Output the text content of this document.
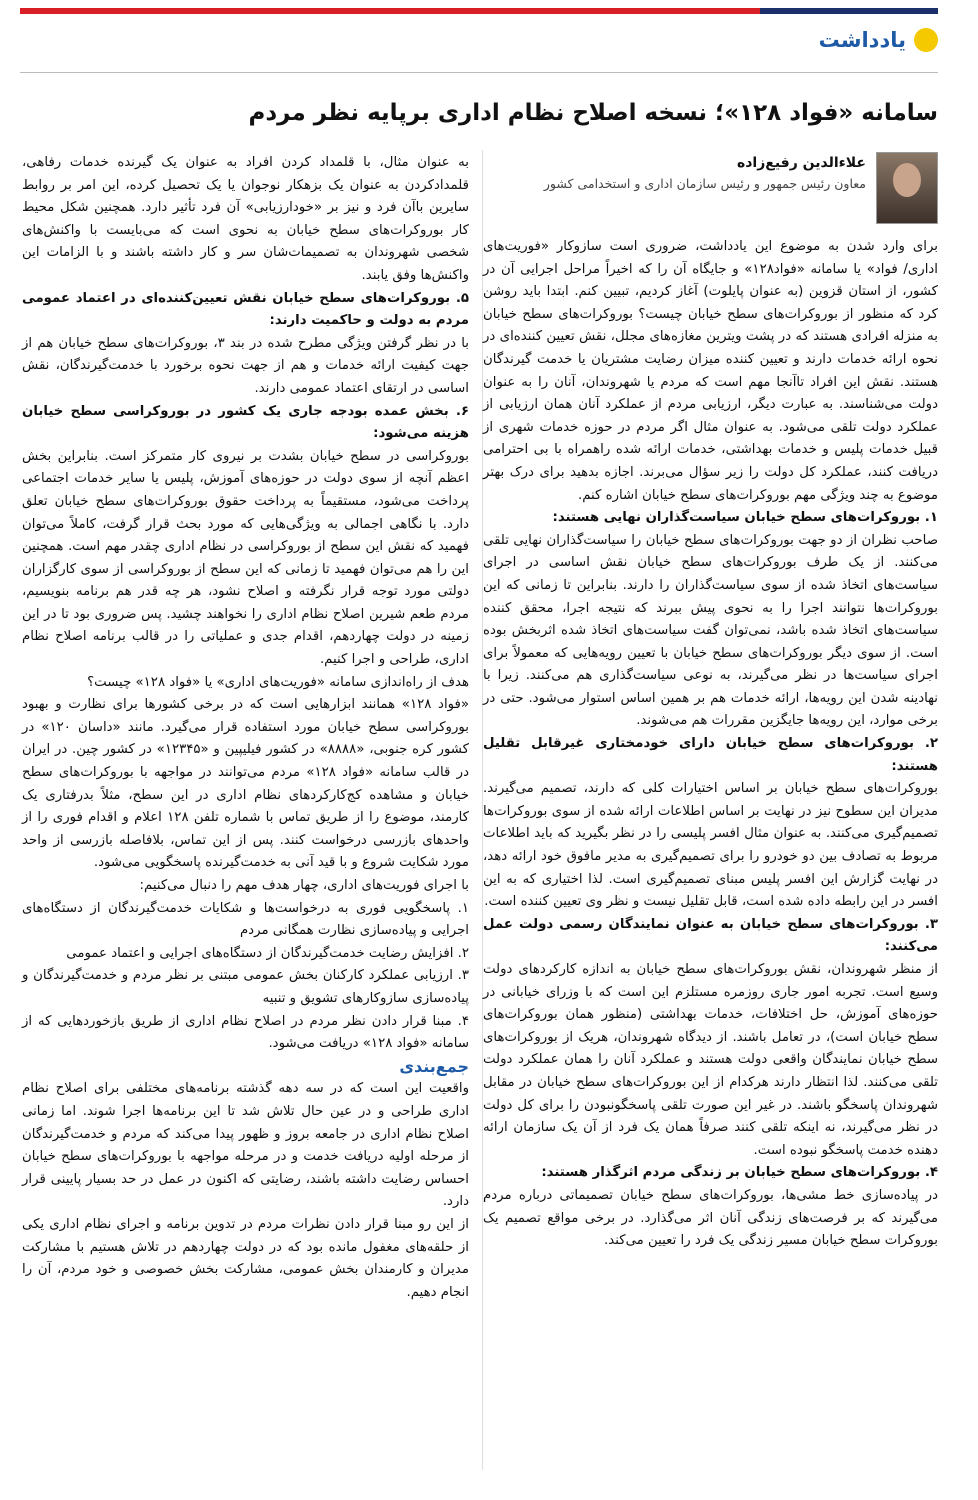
یادداشت
سامانه «فواد ۱۲۸»؛ نسخه اصلاح نظام اداری برپایه نظر مردم
علاءالدین رفیع‌زاده
معاون رئیس جمهور و رئیس سازمان اداری و استخدامی کشور

برای وارد شدن به موضوع این یادداشت، ضروری است سازوکار «فوریت‌های اداری/ فواد» یا سامانه «فواد۱۲۸» و جایگاه آن را که اخیراً مراحل اجرایی آن در کشور، از استان قزوین (به عنوان پایلوت) آغاز کردیم، تبیین کنم. ابتدا باید روشن کرد که منظور از بوروکرات‌های سطح خیابان چیست؟ بوروکرات‌های سطح خیابان به منزله افرادی هستند که در پشت ویترین مغازه‌های مجلل، نقش تعیین کننده‌ای در نحوه ارائه خدمات دارند و تعیین کننده میزان رضایت مشتریان یا خدمت گیرندگان هستند. نقش این افراد تاآنجا مهم است که مردم یا شهروندان، آنان را به عنوان دولت می‌شناسند. به عبارت دیگر، ارزیابی مردم از عملکرد آنان همان ارزیابی از عملکرد دولت تلقی می‌شود. به عنوان مثال اگر مردم در حوزه خدمات شهری از قبیل خدمات پلیس و خدمات بهداشتی، خدمات ارائه شده راهمراه با بی احترامی دریافت کنند، عملکرد کل دولت را زیر سؤال می‌برند. اجازه بدهید برای درک بهتر موضوع به چند ویژگی مهم بوروکرات‌های سطح خیابان اشاره کنم.

۱. بوروکرات‌های سطح خیابان سیاست‌گذاران نهایی هستند:

صاحب نظران از دو جهت بوروکرات‌های سطح خیابان را سیاست‌گذاران نهایی تلقی می‌کنند. از یک طرف بوروکرات‌های سطح خیابان نقش اساسی در اجرای سیاست‌های اتخاذ شده از سوی سیاست‌گذاران را دارند. بنابراین تا زمانی که این بوروکرات‌ها نتوانند اجرا را به نحوی پیش ببرند که نتیجه اجرا، محقق کننده سیاست‌های اتخاذ شده باشد، نمی‌توان گفت سیاست‌های اتخاذ شده اثربخش بوده است. از سوی دیگر بوروکرات‌های سطح خیابان با تعیین رویه‌هایی که معمولاً برای اجرای سیاست‌ها در نظر می‌گیرند، به نوعی سیاست‌گذاری هم می‌کنند. زیرا با نهادینه شدن این رویه‌ها، ارائه خدمات هم بر همین اساس استوار می‌شود. حتی در برخی موارد، این رویه‌ها جایگزین مقررات هم می‌شوند.

۲. بوروکرات‌های سطح خیابان دارای خودمختاری غیرقابل تقلیل هستند:

بوروکرات‌های سطح خیابان بر اساس اختیارات کلی که دارند، تصمیم می‌گیرند. مدیران این سطوح نیز در نهایت بر اساس اطلاعات ارائه شده از سوی بوروکرات‌ها تصمیم‌گیری می‌کنند. به عنوان مثال افسر پلیسی را در نظر بگیرید که باید اطلاعات مربوط به تصادف بین دو خودرو را برای تصمیم‌گیری به مدیر مافوق خود ارائه دهد، در نهایت گزارش این افسر پلیس مبنای تصمیم‌گیری است. لذا اختیاری که به این افسر در این رابطه داده شده است، قابل تقلیل نیست و نظر وی تعیین کننده است.

۳. بوروکرات‌های سطح خیابان به عنوان نمایندگان رسمی دولت عمل می‌کنند:

از منظر شهروندان، نقش بوروکرات‌های سطح خیابان به اندازه کارکردهای دولت وسیع است. تجربه امور جاری روزمره مستلزم این است که با وزرای خیابانی در حوزه‌های آموزش، حل اختلافات، خدمات بهداشتی (منظور همان بوروکرات‌های سطح خیابان است)، در تعامل باشند. از دیدگاه شهروندان، هریک از بوروکرات‌های سطح خیابان نمایندگان واقعی دولت هستند و عملکرد آنان را همان عملکرد دولت تلقی می‌کنند. لذا انتظار دارند هرکدام از این بوروکرات‌های سطح خیابان در مقابل شهروندان پاسخگو باشند. در غیر این صورت تلقی پاسخگونبودن را برای کل دولت در نظر می‌گیرند، نه اینکه تلقی کنند صرفاً همان یک فرد از آن یک سازمان ارائه دهنده خدمت پاسخگو نبوده است.

۴. بوروکرات‌های سطح خیابان بر زندگی مردم اثرگذار هستند:

در پیاده‌سازی خط مشی‌ها، بوروکرات‌های سطح خیابان تصمیماتی درباره مردم می‌گیرند که بر فرصت‌های زندگی آنان اثر می‌گذارد. در برخی مواقع تصمیم یک بوروکرات سطح خیابان مسیر زندگی یک فرد را تعیین می‌کند.

به عنوان مثال، با قلمداد کردن افراد به عنوان یک گیرنده خدمات رفاهی، قلمدادکردن به عنوان یک بزهکار نوجوان یا یک تحصیل کرده، این امر بر روابط سایرین باآن فرد و نیز بر «خودارزیابی» آن فرد تأثیر دارد. همچنین شکل محیط کار بوروکرات‌های سطح خیابان به نحوی است که می‌بایست با واکنش‌های شخصی شهروندان به تصمیمات‌شان سر و کار داشته باشند و با الزامات این واکنش‌ها وفق یابند.

۵. بوروکرات‌های سطح خیابان نقش تعیین‌کننده‌ای در اعتماد عمومی مردم به دولت و حاکمیت دارند:

با در نظر گرفتن ویژگی مطرح شده در بند ۳، بوروکرات‌های سطح خیابان هم از جهت کیفیت ارائه خدمات و هم از جهت نحوه برخورد با خدمت‌گیرندگان، نقش اساسی در ارتقای اعتماد عمومی دارند.

۶. بخش عمده بودجه جاری یک کشور در بوروکراسی سطح خیابان هزینه می‌شود:

بوروکراسی در سطح خیابان بشدت بر نیروی کار متمرکز است. بنابراین بخش اعظم آنچه از سوی دولت در حوزه‌های آموزش، پلیس یا سایر خدمات اجتماعی پرداخت می‌شود، مستقیماً به پرداخت حقوق بوروکرات‌های سطح خیابان تعلق دارد. با نگاهی اجمالی به ویژگی‌هایی که مورد بحث قرار گرفت، کاملاً می‌توان فهمید که نقش این سطح از بوروکراسی در نظام اداری چقدر مهم است. همچنین این را هم می‌توان فهمید تا زمانی که این سطح از بوروکراسی از سوی کارگزاران دولتی مورد توجه قرار نگرفته و اصلاح نشود، هر چه قدر هم برنامه بنویسیم، مردم طعم شیرین اصلاح نظام اداری را نخواهند چشید. پس ضروری بود تا در این زمینه در دولت چهاردهم، اقدام جدی و عملیاتی را در قالب برنامه اصلاح نظام اداری، طراحی و اجرا کنیم.

هدف از راه‌اندازی سامانه «فوریت‌های اداری» یا «فواد ۱۲۸» چیست؟

«فواد ۱۲۸» همانند ابزارهایی است که در برخی کشورها برای نظارت و بهبود بوروکراسی سطح خیابان مورد استفاده قرار می‌گیرد. مانند «داسان ۱۲۰» در کشور کره جنوبی، «۸۸۸۸» در کشور فیلیپین و «۱۲۳۴۵» در کشور چین. در ایران در قالب سامانه «فواد ۱۲۸» مردم می‌توانند در مواجهه با بوروکرات‌های سطح خیابان و مشاهده کج‌کارکردهای نظام اداری در این سطح، مثلاً بدرفتاری یک کارمند، موضوع را از طریق تماس با شماره تلفن ۱۲۸ اعلام و اقدام فوری را از واحدهای بازرسی درخواست کنند. پس از این تماس، بلافاصله بازرسی از واحد مورد شکایت شروع و با قید آنی به خدمت‌گیرنده پاسخگویی می‌شود.

با اجرای فوریت‌های اداری، چهار هدف مهم را دنبال می‌کنیم:

۱. پاسخگویی فوری به درخواست‌ها و شکایات خدمت‌گیرندگان از دستگاه‌های اجرایی و پیاده‌سازی نظارت همگانی مردم

۲. افزایش رضایت خدمت‌گیرندگان از دستگاه‌های اجرایی و اعتماد عمومی

۳. ارزیابی عملکرد کارکنان بخش عمومی مبتنی بر نظر مردم و خدمت‌گیرندگان و پیاده‌سازی سازوکارهای تشویق و تنبیه

۴. مبنا قرار دادن نظر مردم در اصلاح نظام اداری از طریق بازخوردهایی که از سامانه «فواد ۱۲۸» دریافت می‌شود.

جمع‌بندی

واقعیت این است که در سه دهه گذشته برنامه‌های مختلفی برای اصلاح نظام اداری طراحی و در عین حال تلاش شد تا این برنامه‌ها اجرا شوند. اما زمانی اصلاح نظام اداری در جامعه بروز و ظهور پیدا می‌کند که مردم و خدمت‌گیرندگان از مرحله اولیه دریافت خدمت و در مرحله مواجهه با بوروکرات‌های سطح خیابان احساس رضایت داشته باشند، رضایتی که اکنون در عمل در حد بسیار پایینی قرار دارد.

از این رو مبنا قرار دادن نظرات مردم در تدوین برنامه و اجرای نظام اداری یکی از حلقه‌های مغفول مانده بود که در دولت چهاردهم در تلاش هستیم با مشارکت مدیران و کارمندان بخش عمومی، مشارکت بخش خصوصی و خود مردم، آن را انجام دهیم.
